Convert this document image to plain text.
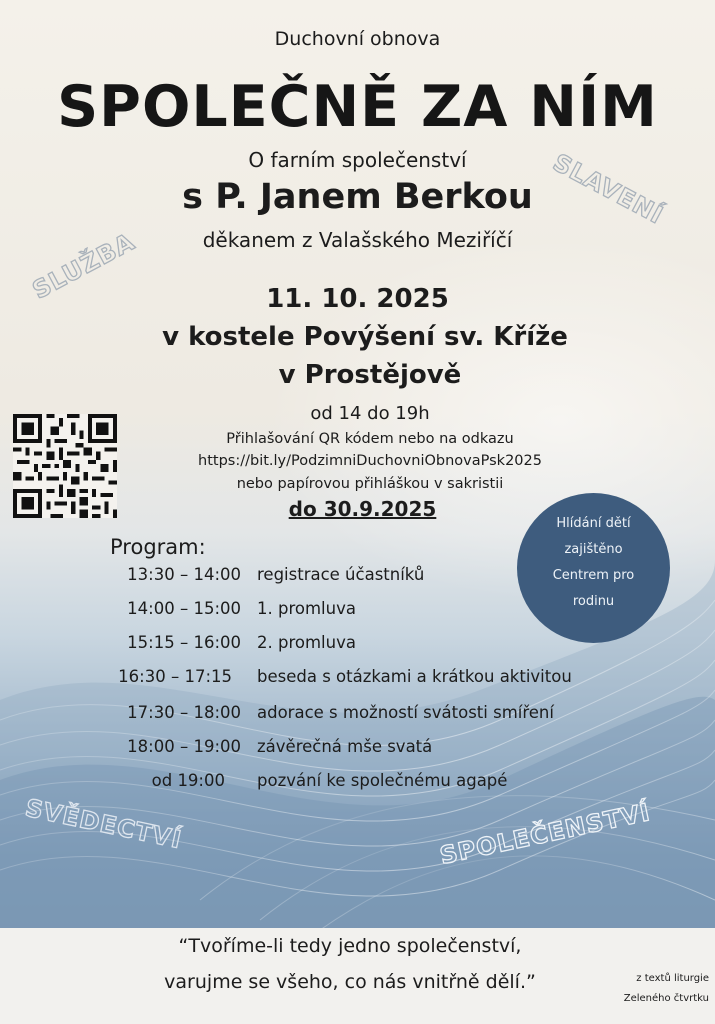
SLUŽBA
SLAVENÍ
SVĚDECTVÍ	SPOLEČENSTVÍ
Duchovní obnova
SPOLEČNĚ ZA NÍM
O farním společenství
s P. Janem Berkou
děkanem z Valašského Meziříčí
11. 10. 2025
v kostele Povýšení sv. Kříže
v Prostějově
od 14 do 19h
Přihlašování QR kódem nebo na odkazu
https://bit.ly/PodzimniDuchovniObnovaPsk2025
nebo papírovou přihláškou v sakristii
do 30.9.2025
Hlídání dětí
zajištěno
Centrem pro
rodinu
Program:
13:30 – 14:00 registrace účastníků
14:00 – 15:00 1. promluva
15:15 – 16:00 2. promluva
16:30 – 17:15 beseda s otázkami a krátkou aktivitou
17:30 – 18:00 adorace s možností svátosti smíření
18:00 – 19:00 závěrečná mše svatá
od 19:00 pozvání ke společnému agapé
“Tvoříme-li tedy jedno společenství,
varujme se všeho, co nás vnitřně dělí.”	z textů liturgie
Zeleného čtvrtku
